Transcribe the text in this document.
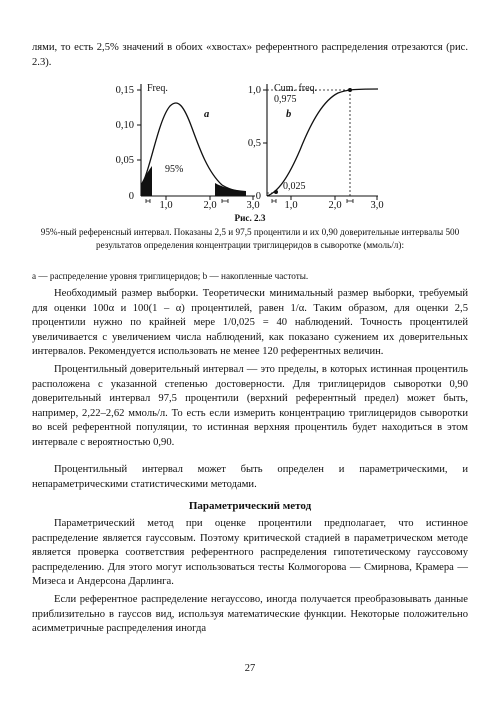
лями, то есть 2,5% значений в обоих «хвостах» референтного распределения отрезаются (рис. 2.3).

0,15
0,10
0,05
0
Freq.
1,0	2,0	3,0
95%
a
1,0
0,5
0
Cum. freq.
1,0	2,0	3,0
0,975
0,025
b

Рис. 2.3

95%-ный референсный интервал. Показаны 2,5 и 97,5 процентили и их 0,90 доверительные интервалы 500 результатов определения концентрации триглицеридов в сыворотке (ммоль/л):

a — распределение уровня триглицеридов; b — накопленные частоты.

Необходимый размер выборки. Теоретически минимальный размер выборки, требуемый для оценки 100α и 100(1 – α) процентилей, равен 1/α. Таким образом, для оценки 2,5 процентили нужно по крайней мере 1/0,025 = 40 наблюдений. Точность процентилей увеличивается с увеличением числа наблюдений, как показано сужением их доверительных интервалов. Рекомендуется использовать не менее 120 референтных величин.

Процентильный доверительный интервал — это пределы, в которых истинная процентиль расположена с указанной степенью достоверности. Для триглицеридов сыворотки 0,90 доверительный интервал 97,5 процентили (верхний референтный предел) может быть, например, 2,22–2,62 ммоль/л. То есть если измерить концентрацию триглицеридов сыворотки во всей референтной популяции, то истинная верхняя процентиль будет находиться в этом интервале с вероятностью 0,90.

Процентильный интервал может быть определен и параметрическими, и непараметрическими статистическими методами.

Параметрический метод

Параметрический метод при оценке процентили предполагает, что истинное распределение является гауссовым. Поэтому критической стадией в параметрическом методе является проверка соответствия референтного распределения гипотетическому гауссовому распределению. Для этого могут использоваться тесты Колмогорова — Смирнова, Крамера — Мизеса и Андерсона Дарлинга.

Если референтное распределение негауссово, иногда получается преобразовывать данные приблизительно в гауссов вид, используя математические функции. Некоторые положительно асимметричные распределения иногда

27
